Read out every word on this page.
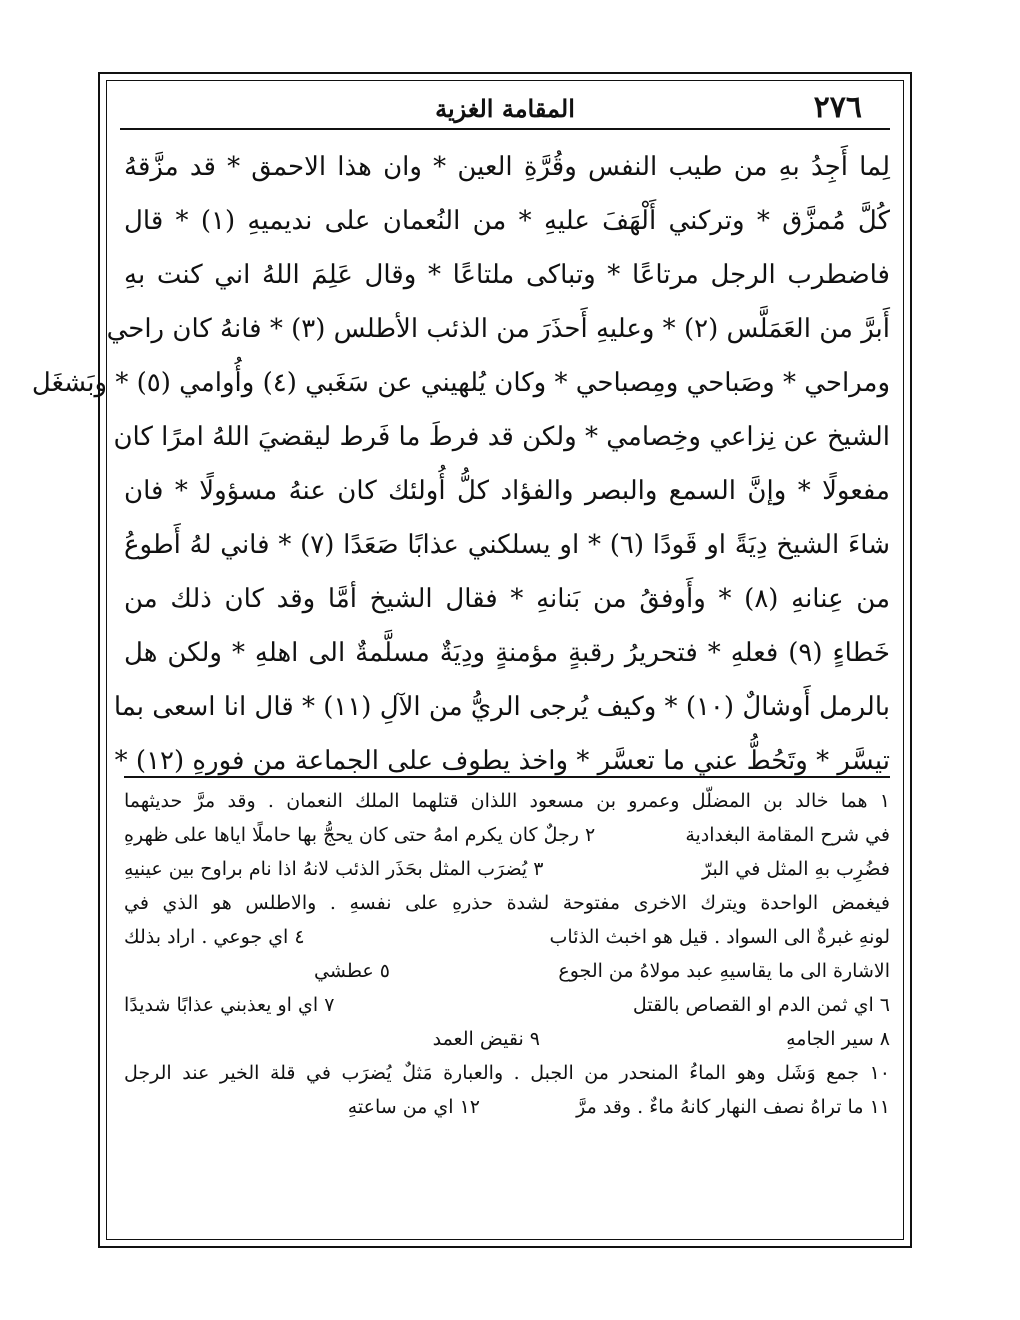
٢٧٦
المقامة الغزية
لِما أَجِدُ بهِ من طيب النفس وقُرَّةِ العين * وان هذا الاحمق * قد مزَّقهُ
كُلَّ مُمزَّق * وتركني أَلْهَفَ عليهِ * من النُعمان على نديميهِ (١) * قال
فاضطرب الرجل مرتاعًا * وتباكى ملتاعًا * وقال عَلِمَ اللهُ اني كنت بهِ
أَبرَّ من العَمَلَّس (٢) * وعليهِ أَحذَرَ من الذئب الأطلس (٣) * فانهُ كان راحي
ومراحي * وصَباحي ومِصباحي * وكان يُلهيني عن سَغَبي (٤) وأُوامي (٥) * وبَشغَل
الشيخ عن نِزاعي وخِصامي * ولكن قد فرطَ ما فَرط ليقضيَ اللهُ امرًا كان
مفعولًا * وإنَّ السمع والبصر والفؤاد كلُّ أُولئك كان عنهُ مسؤولًا * فان
شاءَ الشيخ دِيَةً او قَودًا (٦) * او يسلكني عذابًا صَعَدًا (٧) * فاني لهُ أَطوعُ
من عِنانهِ (٨) * وأَوفقُ من بَنانهِ * فقال الشيخ أمَّا وقد كان ذلك من
خَطاءٍ (٩) فعلهِ * فتحريرُ رقبةٍ مؤمنةٍ ودِيَةٌ مسلَّمةٌ الى اهلهِ * ولكن هل
بالرمل أَوشالٌ (١٠) * وكيف يُرجى الريُّ من الآلِ (١١) * قال انا اسعى بما
تيسَّر * وتَحُطُّ عني ما تعسَّر * واخذ يطوف على الجماعة من فورهِ (١٢) *
١ هما خالد بن المضلّل وعمرو بن مسعود اللذان قتلهما الملك النعمان . وقد مرَّ حديثهما
في شرح المقامة البغدادية
٢ رجلٌ كان يكرم امهُ حتى كان يحجُّ بها حاملًا اياها على ظهرهِ
فضُرِب بهِ المثل في البرّ
٣ يُضرَب المثل بحَذَر الذئب لانهُ اذا نام براوح بين عينيهِ
فيغمض الواحدة ويترك الاخرى مفتوحة لشدة حذرهِ على نفسهِ . والاطلس هو الذي في
لونهِ غبرةٌ الى السواد . قيل هو اخبث الذئاب
٤ اي جوعي . اراد بذلك
الاشارة الى ما يقاسيهِ عبد مولاهُ من الجوع
٥ عطشي
٧ اي او يعذبني عذابًا شديدًا	٦ اي ثمن الدم او القصاص بالقتل
٨ سير الجامهِ
٩ نقيض العمد
١٠ جمع وَشَل وهو الماءُ المنحدر من الجبل . والعبارة مَثلٌ يُضرَب في قلة الخير عند الرجل
١١ ما تراهُ نصف النهار كانهُ ماءٌ . وقد مرَّ
١٢ اي من ساعتهِ
